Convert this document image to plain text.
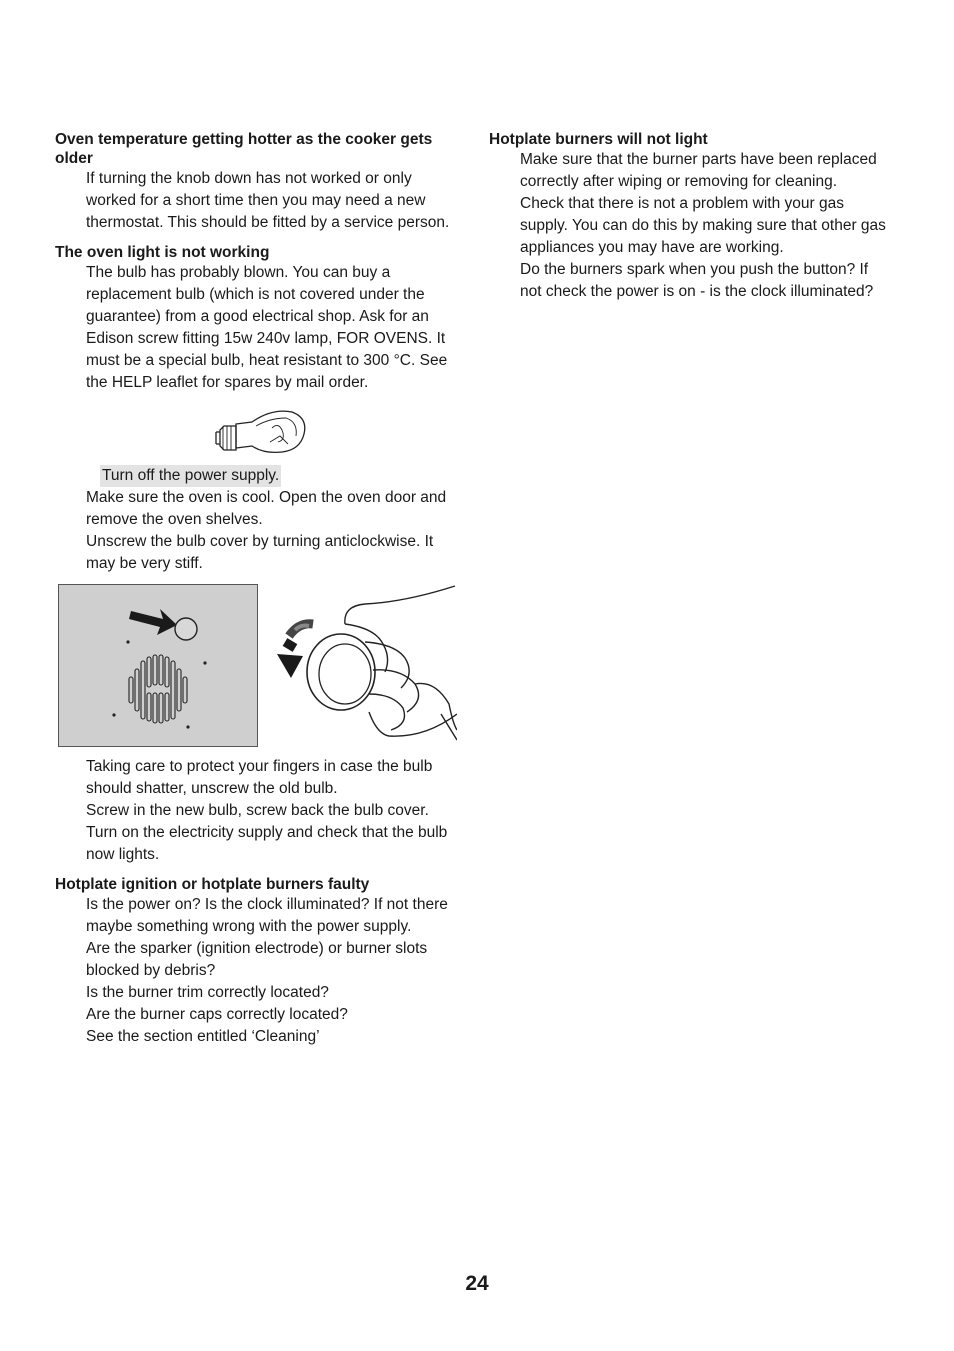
Oven temperature getting hotter as the cooker gets older

If turning the knob down has not worked or only

worked for a short time then you may need a new

thermostat. This should be fitted by a service person.

The oven light is not working

The bulb has probably blown. You can buy a

replacement bulb (which is not covered under the

guarantee) from a good electrical shop. Ask for an

Edison screw fitting 15w 240v lamp, FOR OVENS. It

must be a special bulb, heat resistant to 300 °C. See

the HELP leaflet for spares by mail order.

Turn off the power supply.

Make sure the oven is cool. Open the oven door and

remove the oven shelves.

Unscrew the bulb cover by turning anticlockwise. It

may be very stiff.

Taking care to protect your fingers in case the bulb

should shatter, unscrew the old bulb.

Screw in the new bulb, screw back the bulb cover.

Turn on the electricity supply and check that the bulb

now lights.

Hotplate ignition or hotplate burners faulty

Is the power on? Is the clock illuminated? If not there

maybe something wrong with the power supply.

Are the sparker (ignition electrode) or burner slots

blocked by debris?

Is the burner trim correctly located?

Are the burner caps correctly located?

See the section entitled ‘Cleaning’

Hotplate burners will not light

Make sure that the burner parts have been replaced

correctly after wiping or removing for cleaning.

Check that there is not a problem with your gas

supply. You can do this by making sure that other gas

appliances you may have are working.

Do the burners spark when you push the button? If

not check the power is on - is the clock illuminated?

24
